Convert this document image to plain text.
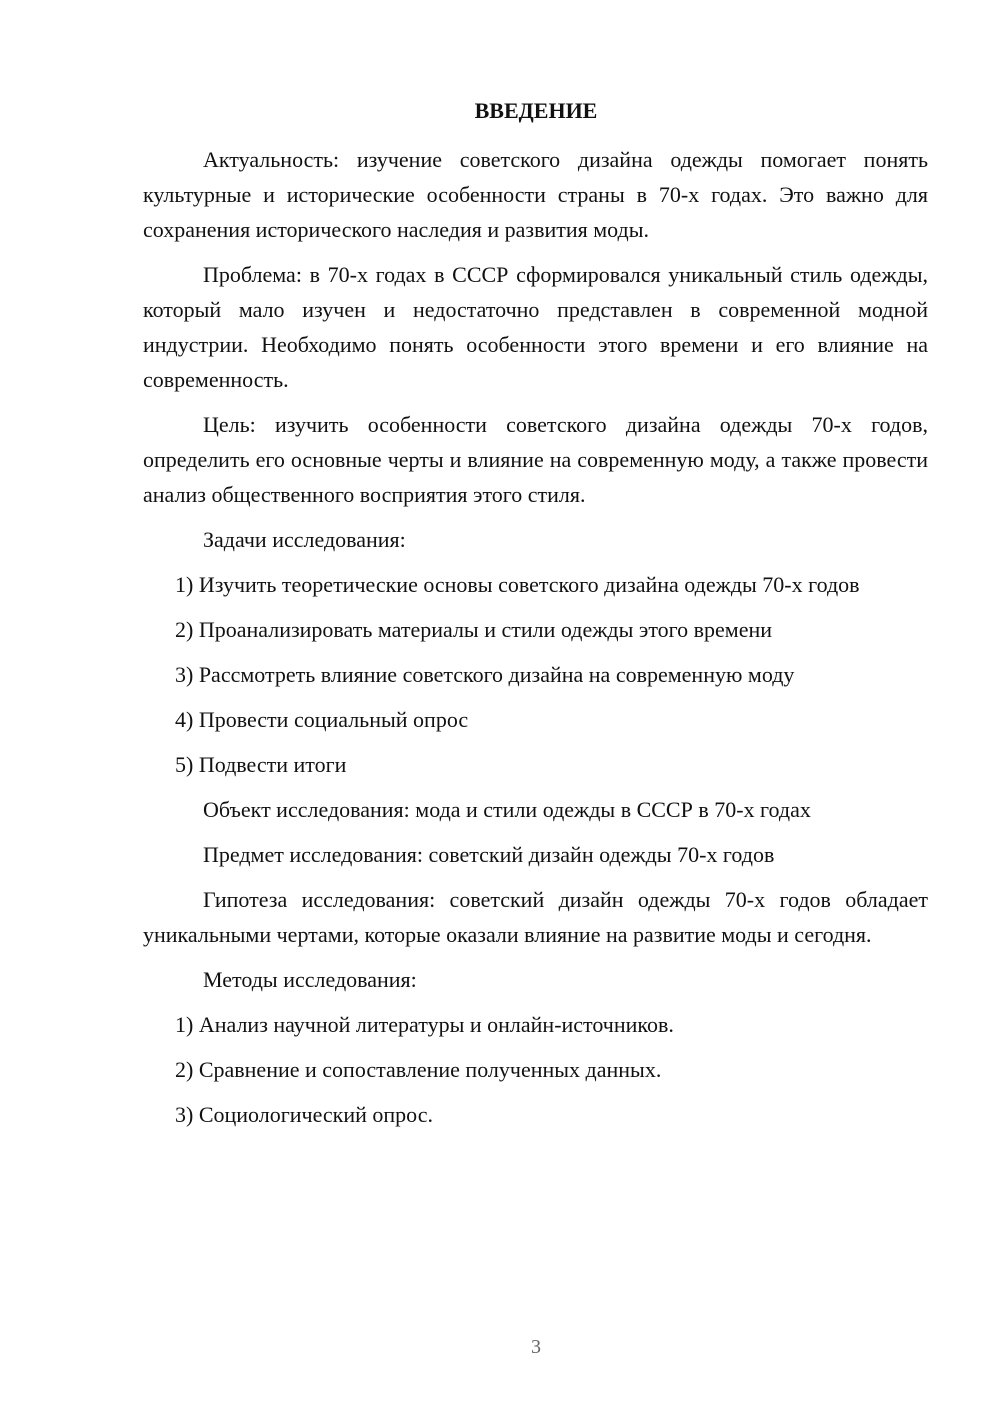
ВВЕДЕНИЕ

Актуальность: изучение советского дизайна одежды помогает понять культурные и исторические особенности страны в 70-х годах. Это важно для сохранения исторического наследия и развития моды.

Проблема: в 70-х годах в СССР сформировался уникальный стиль одежды, который мало изучен и недостаточно представлен в современной модной индустрии. Необходимо понять особенности этого времени и его влияние на современность.

Цель: изучить особенности советского дизайна одежды 70-х годов, определить его основные черты и влияние на современную моду, а также провести анализ общественного восприятия этого стиля.

Задачи исследования:

1) Изучить теоретические основы советского дизайна одежды 70-х годов

2) Проанализировать материалы и стили одежды этого времени

3) Рассмотреть влияние советского дизайна на современную моду

4) Провести социальный опрос

5) Подвести итоги

Объект исследования: мода и стили одежды в СССР в 70-х годах

Предмет исследования: советский дизайн одежды 70-х годов

Гипотеза исследования: советский дизайн одежды 70-х годов обладает уникальными чертами, которые оказали влияние на развитие моды и сегодня.

Методы исследования:

1) Анализ научной литературы и онлайн-источников.

2) Сравнение и сопоставление полученных данных.

3) Социологический опрос.

3
